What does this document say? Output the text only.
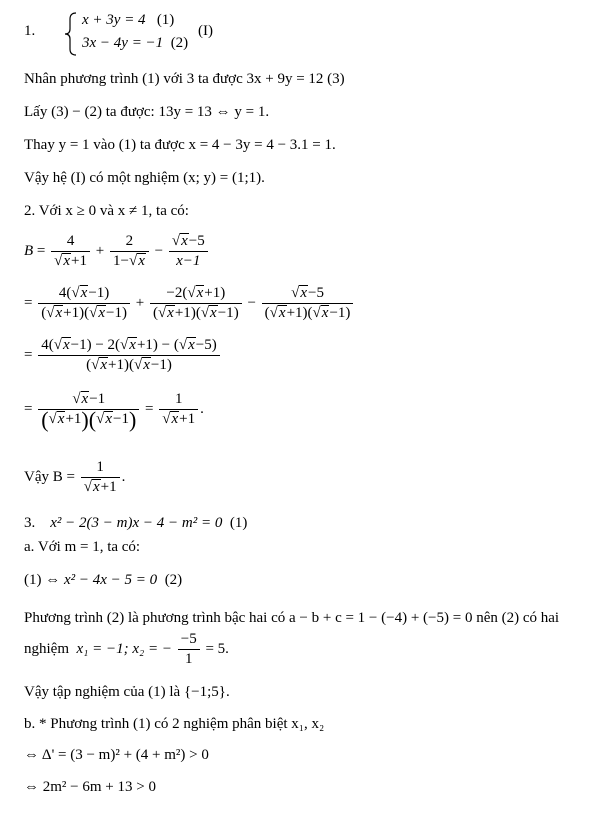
1.
x + 3y = 4 (1)
3x − 4y = −1 (2)
(I)
Nhân phương trình (1) với 3 ta được 3x + 9y = 12 (3)
Lấy (3) − (2) ta được: 13y = 13 ⇔ y = 1.
Thay y = 1 vào (1) ta được x = 4 − 3y = 4 − 3.1 = 1.
Vậy hệ (I) có một nghiệm (x; y) = (1;1).
2. Với x ≥ 0 và x ≠ 1, ta có:
$B = \frac{4}{√x+1} + \frac{2}{1-√x} - \frac{√x-5}{x-1}$
= $\frac{4(√x-1)}{(√x+1)(√x-1)} + \frac{-2(√x+1)}{(√x+1)(√x-1)} - \frac{√x-5}{(√x+1)(√x-1)}$
= $\frac{4(√x-1) - 2(√x+1) - (√x-5)}{(√x+1)(√x-1)}$
= $\frac{√x-1}{(√x+1)(√x-1)} = \frac{1}{√x+1}$ .
Vậy $B = \frac{1}{√x+1}$ .
3. x² − 2(3 − m)x − 4 − m² = 0 (1)
a. Với m = 1, ta có:
(1) ⇔ x² − 4x − 5 = 0 (2)
Phương trình (2) là phương trình bậc hai có a − b + c = 1 − (−4) + (−5) = 0 nên (2) có hai
nghiệm x₁ = −1; x₂ = − $\frac{-5}{1} = 5$.
Vậy tập nghiệm của (1) là {−1;5}.
b. * Phương trình (1) có 2 nghiệm phân biệt x₁, x₂
⇔ Δ' = (3 − m)² + (4 + m²) > 0
⇔ 2m² − 6m + 13 > 0
